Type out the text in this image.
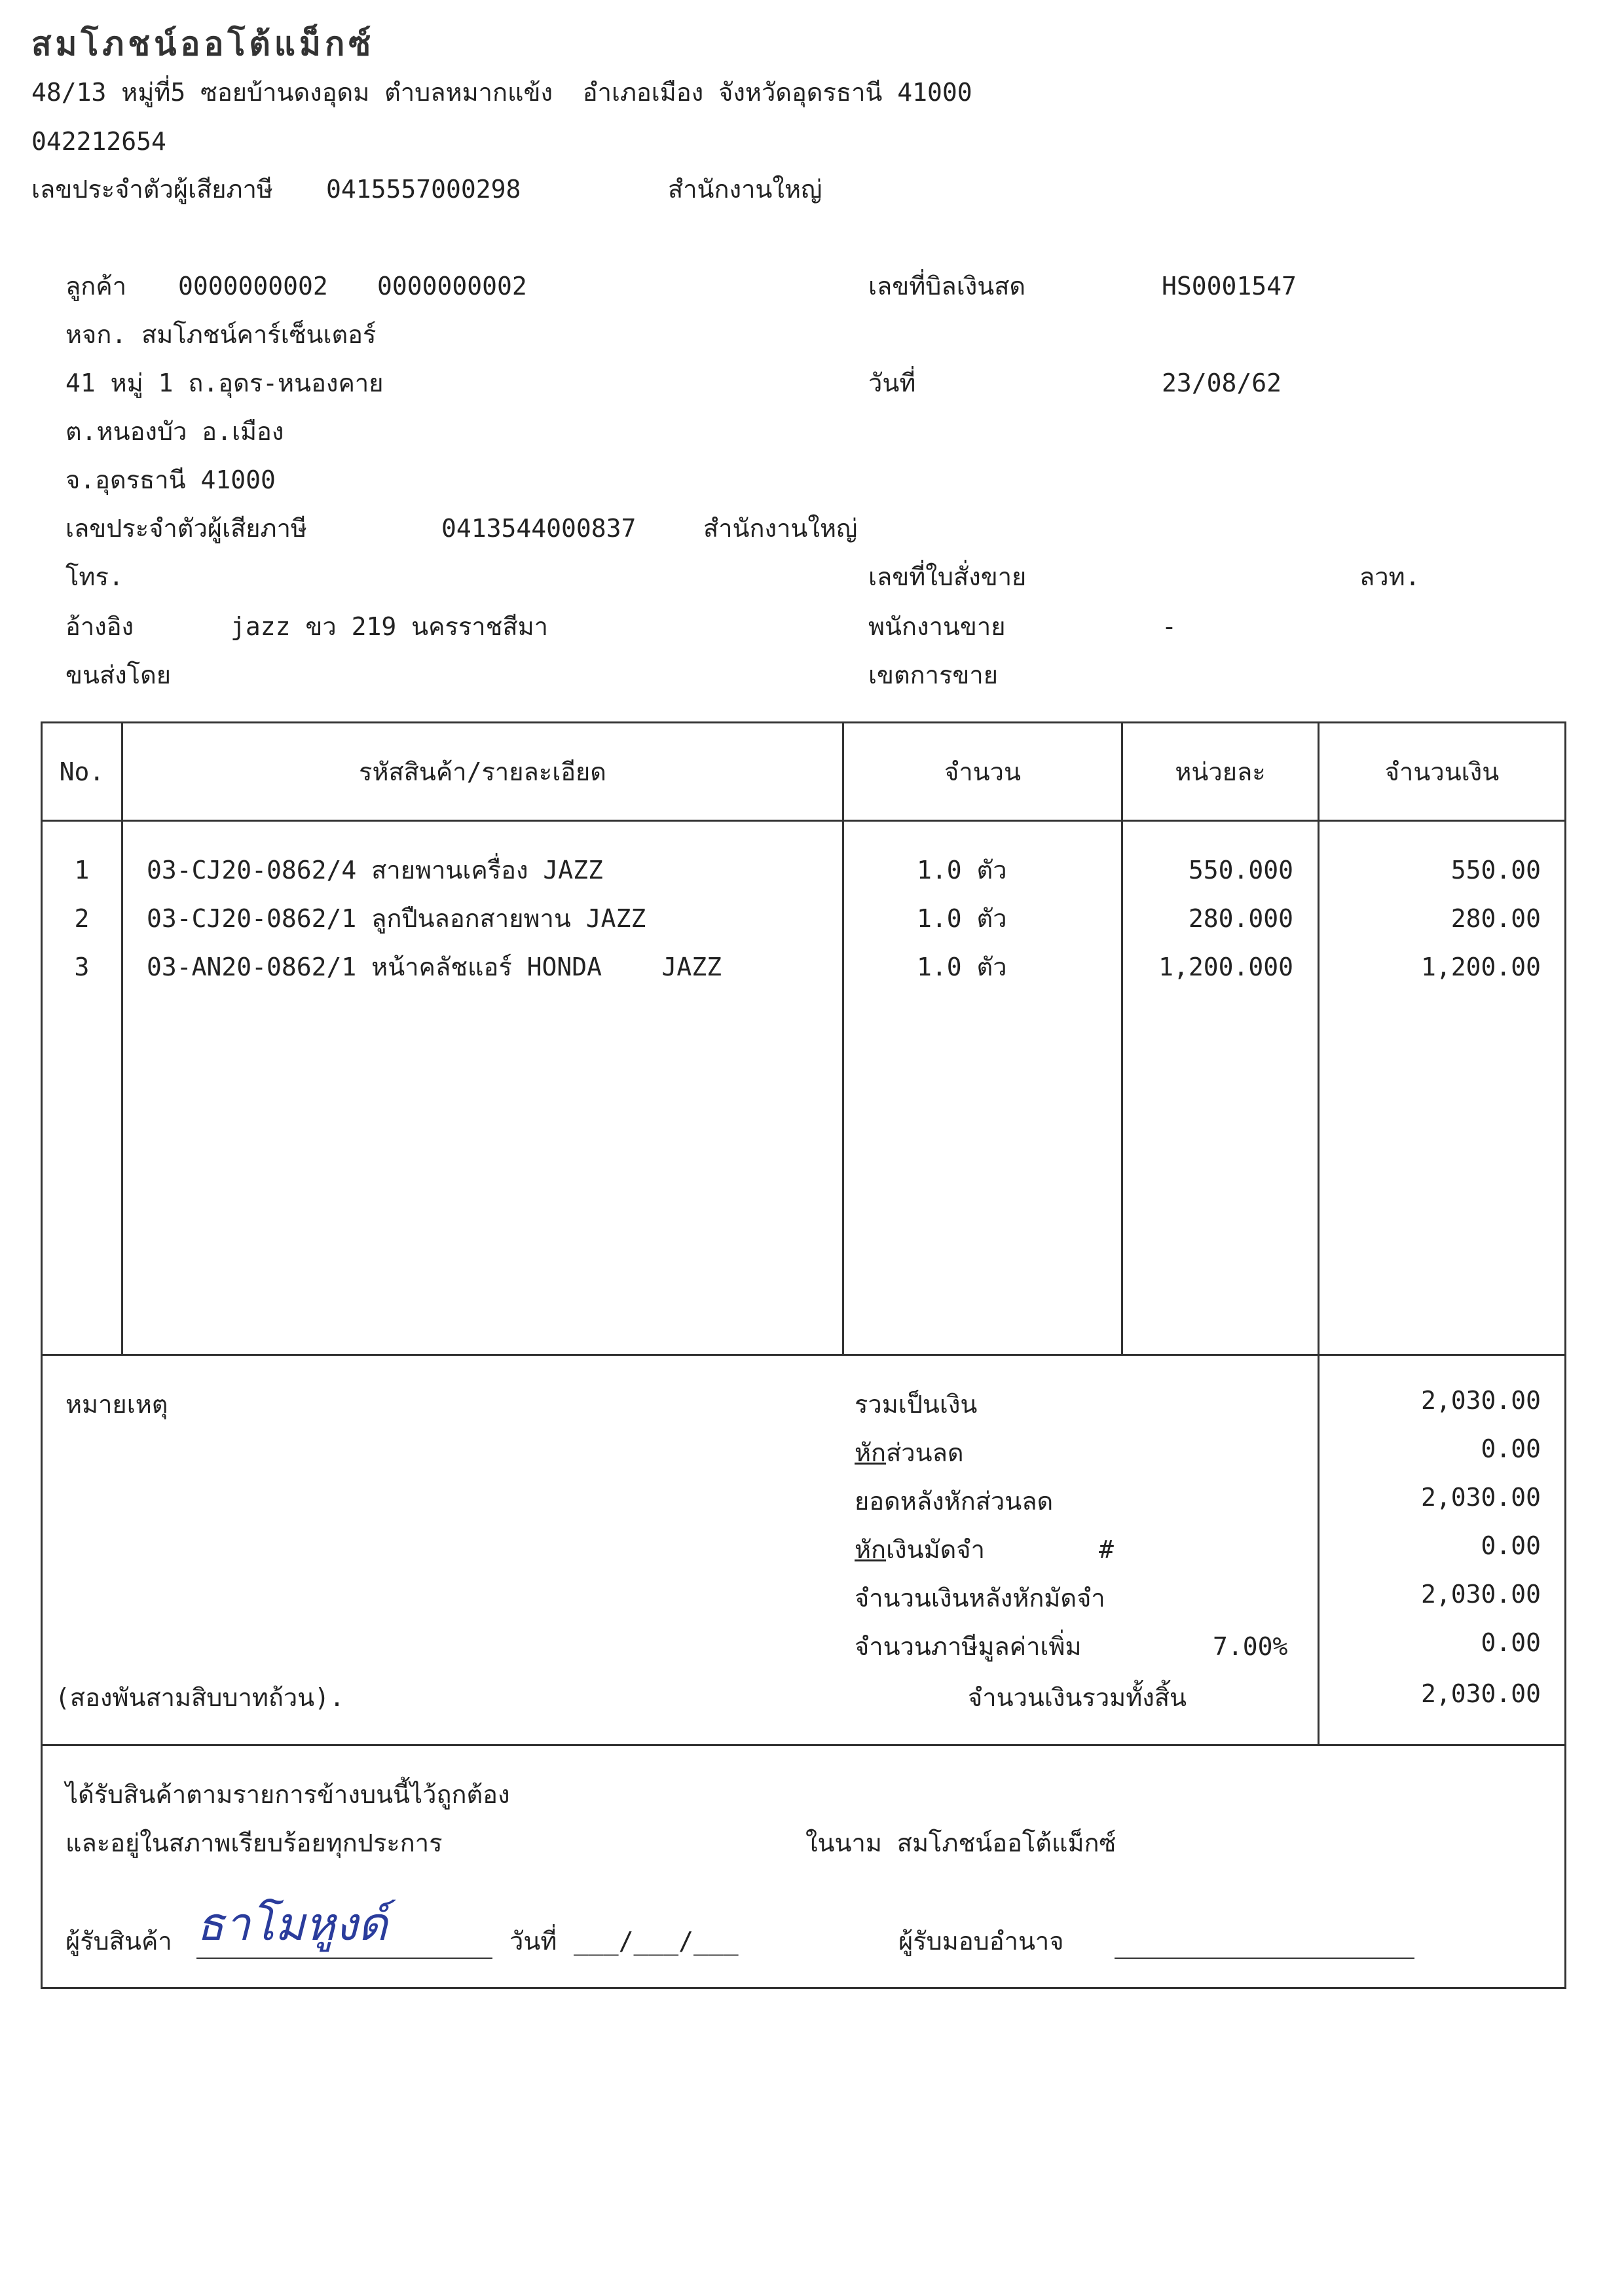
สมโภชน์ออโต้แม็กซ์
48/13 หมู่ที่5 ซอยบ้านดงอุดม ตำบลหมากแข้ง  อำเภอเมือง จังหวัดอุดรธานี 41000
042212654
เลขประจำตัวผู้เสียภาษี 0415557000298	สำนักงานใหญ่
ลูกค้า 0000000002 0000000002
หจก. สมโภชน์คาร์เซ็นเตอร์
41 หมู่ 1 ถ.อุดร-หนองคาย
ต.หนองบัว อ.เมือง
จ.อุดรธานี 41000
เลขประจำตัวผู้เสียภาษี	0413544000837	สำนักงานใหญ่
โทร.
อ้างอิง	jazz ขว 219 นครราชสีมา
ขนส่งโดย
เลขที่บิลเงินสด	HS0001547
วันที่	23/08/62
เลขที่ใบสั่งขาย	ลวท.
พนักงานขาย	-
เขตการขาย
No.	รหัสสินค้า/รายละเอียด	จำนวน	หน่วยละ	จำนวนเงิน
1	03-CJ20-0862/4 สายพานเครื่อง JAZZ	1.0 ตัว	550.000	550.00
2	03-CJ20-0862/1 ลูกปืนลอกสายพาน JAZZ	1.0 ตัว	280.000	280.00
3	03-AN20-0862/1 หน้าคลัชแอร์ HONDA    JAZZ	1.0 ตัว	1,200.000	1,200.00
หมายเหตุ
(สองพันสามสิบบาทถ้วน).
รวมเป็นเงิน	2,030.00
หักส่วนลด	0.00
ยอดหลังหักส่วนลด	2,030.00
หักเงินมัดจำ	#	0.00
จำนวนเงินหลังหักมัดจำ	2,030.00
จำนวนภาษีมูลค่าเพิ่ม	7.00%	0.00
จำนวนเงินรวมทั้งสิ้น	2,030.00
ได้รับสินค้าตามรายการข้างบนนี้ไว้ถูกต้อง
และอยู่ในสภาพเรียบร้อยทุกประการ	ในนาม สมโภชน์ออโต้แม็กซ์
ผู้รับสินค้า ธาโมหูงด์	วันที่ ___/___/___	ผู้รับมอบอำนาจ
